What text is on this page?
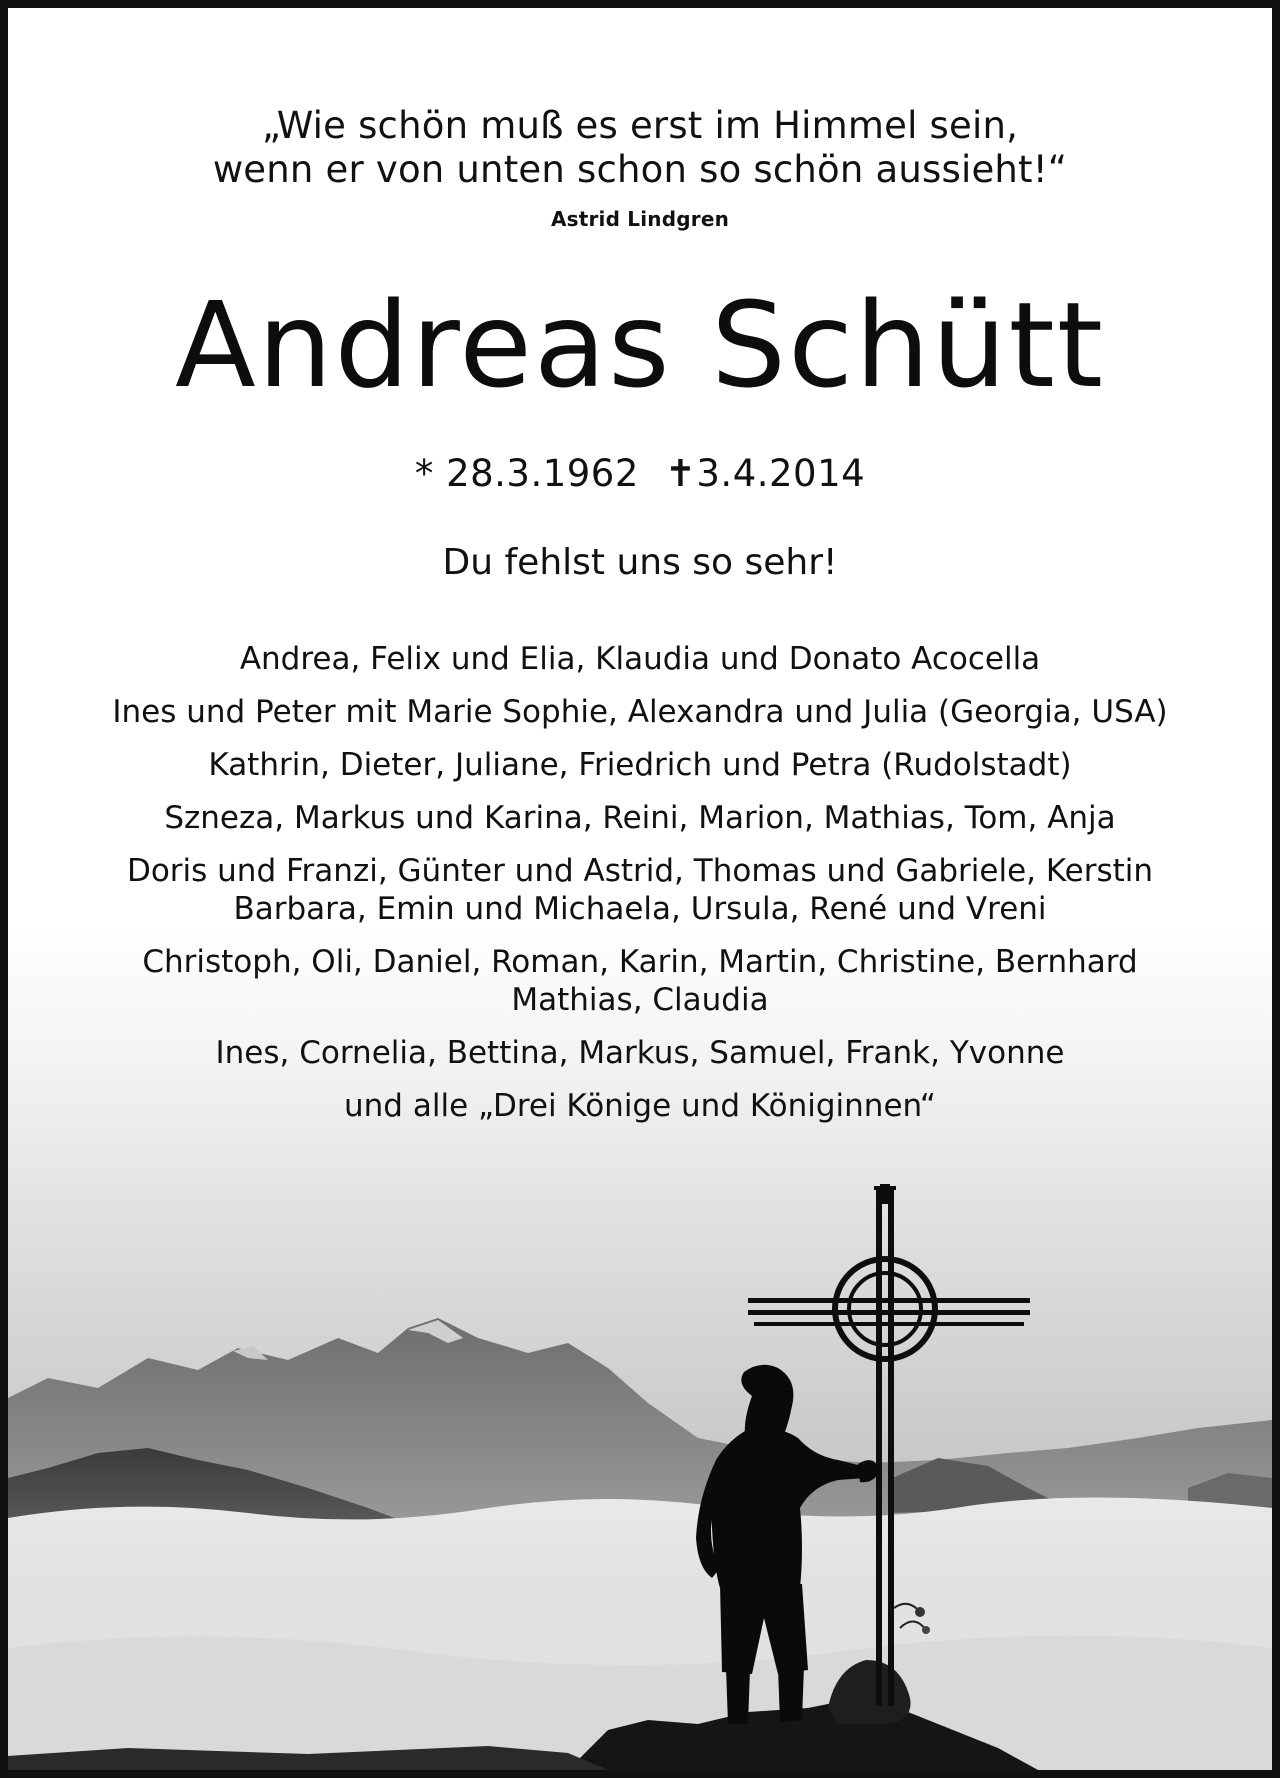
„Wie schön muß es erst im Himmel sein,
wenn er von unten schon so schön aussieht!“
Astrid Lindgren
Andreas Schütt
* 28.3.1962 ✝3.4.2014
Du fehlst uns so sehr!
Andrea, Felix und Elia, Klaudia und Donato Acocella
Ines und Peter mit Marie Sophie, Alexandra und Julia (Georgia, USA)
Kathrin, Dieter, Juliane, Friedrich und Petra (Rudolstadt)
Szneza, Markus und Karina, Reini, Marion, Mathias, Tom, Anja
Doris und Franzi, Günter und Astrid, Thomas und Gabriele, Kerstin
Barbara, Emin und Michaela, Ursula, René und Vreni
Christoph, Oli, Daniel, Roman, Karin, Martin, Christine, Bernhard
Mathias, Claudia
Ines, Cornelia, Bettina, Markus, Samuel, Frank, Yvonne
und alle „Drei Könige und Königinnen“
